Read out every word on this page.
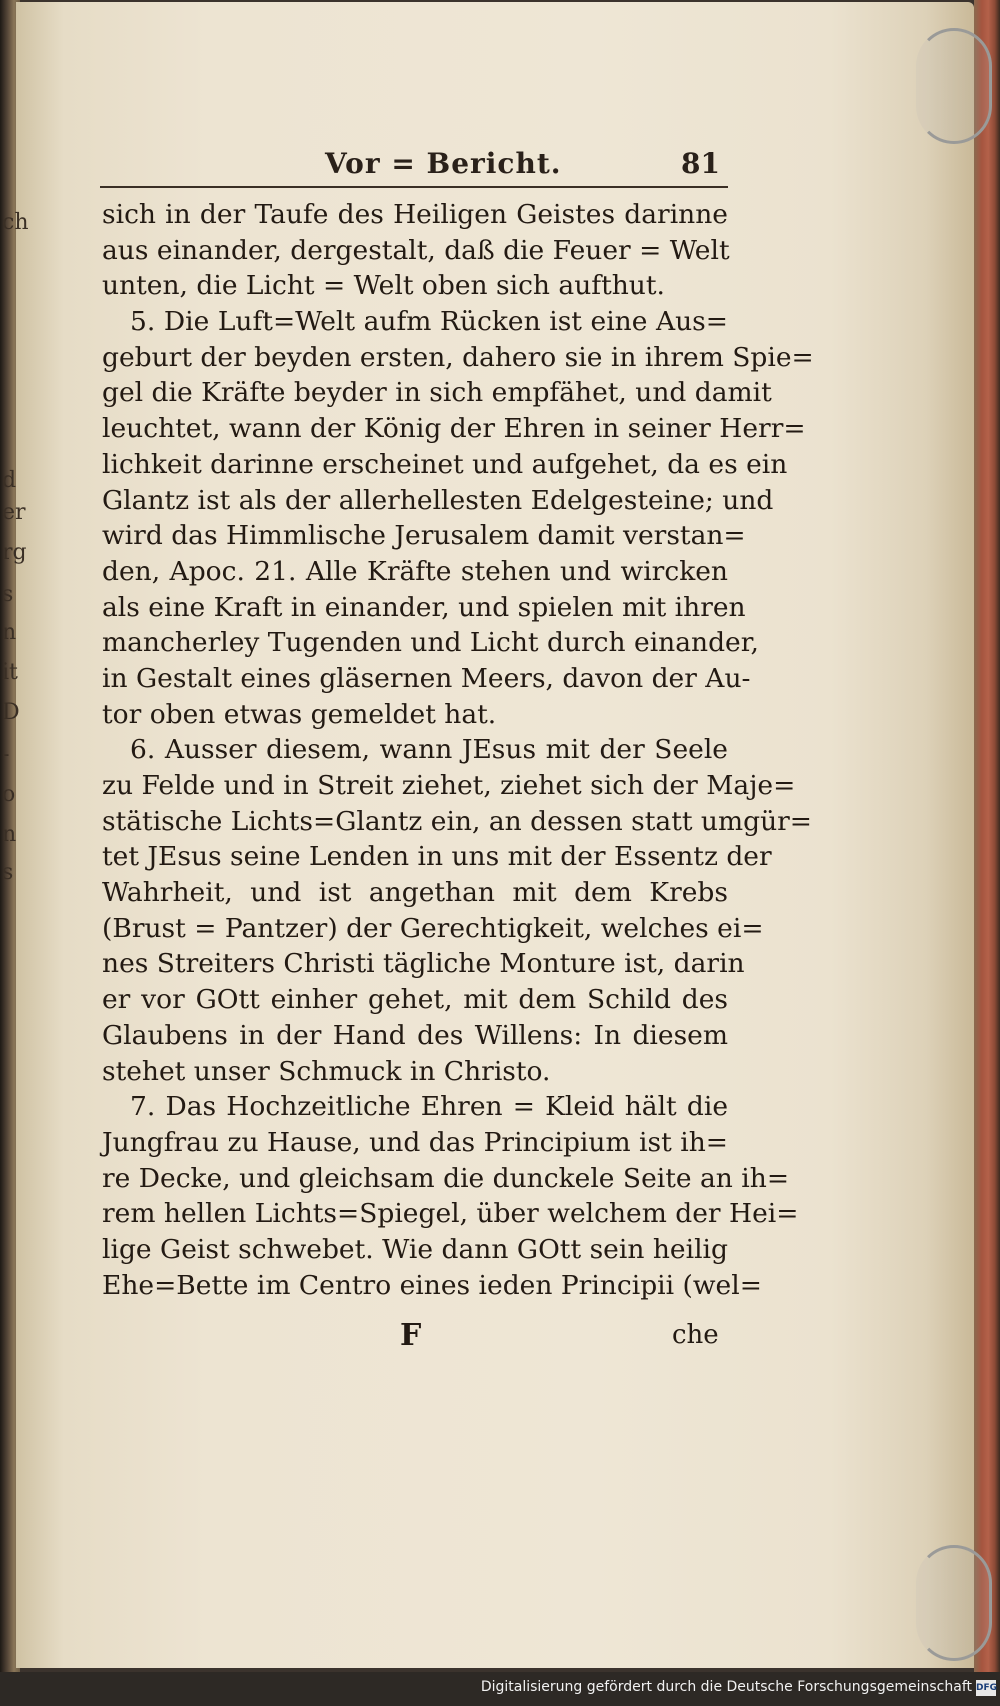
ch
d
er
rg
s
n
it
D
-
o
n
s
Vor = Bericht.	81
sich in der Taufe des Heiligen Geistes darinne
aus einander, dergestalt, daß die Feuer = Welt
unten, die Licht = Welt oben sich aufthut.
5. Die Luft=Welt aufm Rücken ist eine Aus=
geburt der beyden ersten, dahero sie in ihrem Spie=
gel die Kräfte beyder in sich empfähet, und damit
leuchtet, wann der König der Ehren in seiner Herr=
lichkeit darinne erscheinet und aufgehet, da es ein
Glantz ist als der allerhellesten Edelgesteine; und
wird das Himmlische Jerusalem damit verstan=
den, Apoc. 21. Alle Kräfte stehen und wircken
als eine Kraft in einander, und spielen mit ihren
mancherley Tugenden und Licht durch einander,
in Gestalt eines gläsernen Meers, davon der Au-
tor oben etwas gemeldet hat.
6. Ausser diesem, wann JEsus mit der Seele
zu Felde und in Streit ziehet, ziehet sich der Maje=
stätische Lichts=Glantz ein, an dessen statt umgür=
tet JEsus seine Lenden in uns mit der Essentz der
Wahrheit, und ist angethan mit dem Krebs
(Brust = Pantzer) der Gerechtigkeit, welches ei=
nes Streiters Christi tägliche Monture ist, darin
er vor GOtt einher gehet, mit dem Schild des
Glaubens in der Hand des Willens: In diesem
stehet unser Schmuck in Christo.
7. Das Hochzeitliche Ehren = Kleid hält die
Jungfrau zu Hause, und das Principium ist ih=
re Decke, und gleichsam die dunckele Seite an ih=
rem hellen Lichts=Spiegel, über welchem der Hei=
lige Geist schwebet. Wie dann GOtt sein heilig
Ehe=Bette im Centro eines ieden Principii (wel=
F	che
Digitalisierung gefördert durch die Deutsche Forschungsgemeinschaft DFG
